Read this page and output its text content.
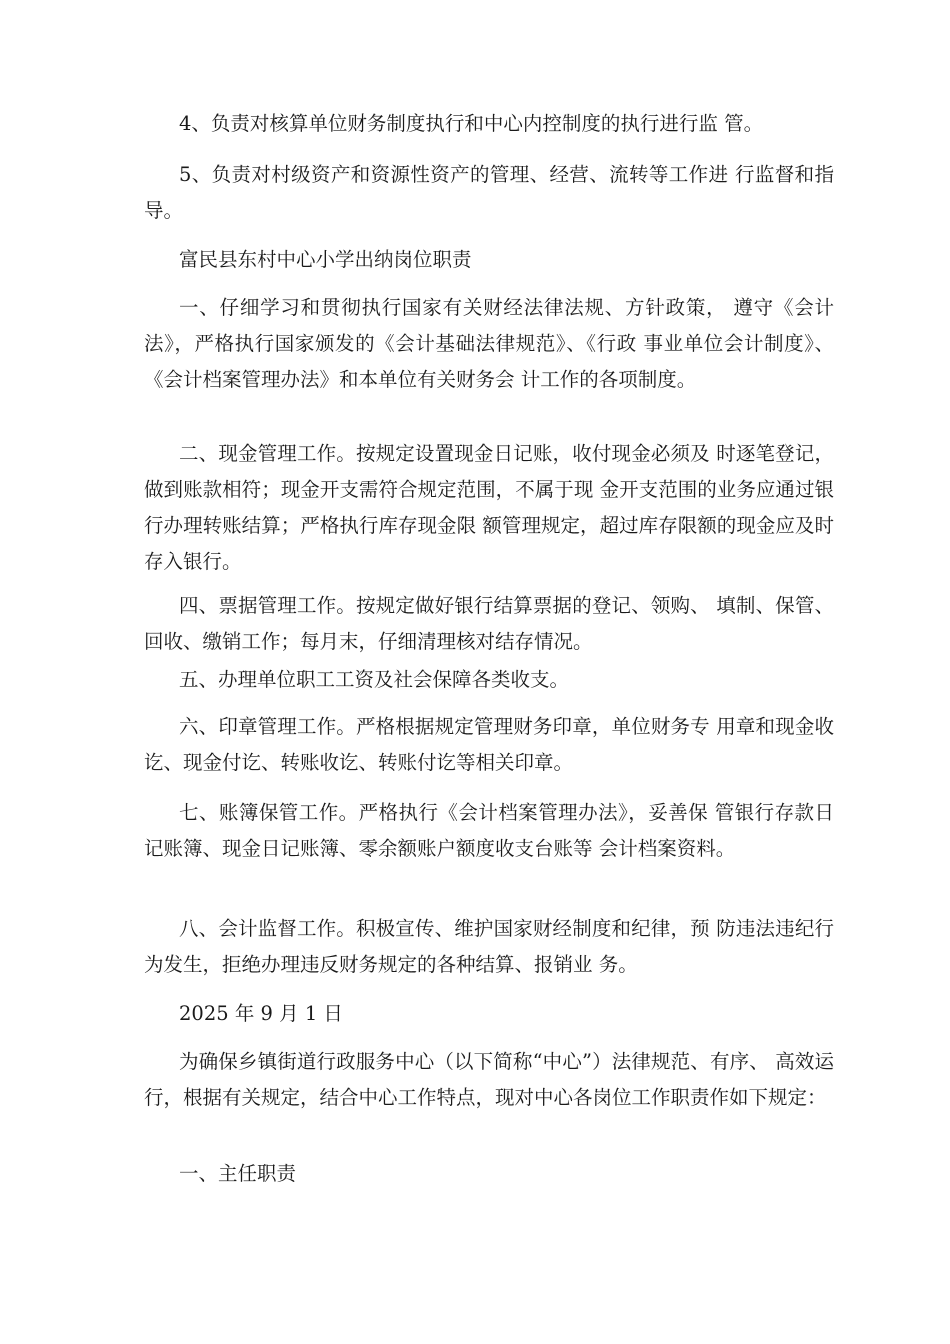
4、负责对核算单位财务制度执行和中心内控制度的执行进行监 管。

5、负责对村级资产和资源性资产的管理、经营、流转等工作进 行监督和指导。

富民县东村中心小学出纳岗位职责

一、仔细学习和贯彻执行国家有关财经法律法规、方针政策， 遵守《会计法》，严格执行国家颁发的《会计基础法律规范》、《行政 事业单位会计制度》、《会计档案管理办法》和本单位有关财务会 计工作的各项制度。

二、现金管理工作。按规定设置现金日记账，收付现金必须及 时逐笔登记，做到账款相符；现金开支需符合规定范围，不属于现 金开支范围的业务应通过银行办理转账结算；严格执行库存现金限 额管理规定，超过库存限额的现金应及时存入银行。

四、票据管理工作。按规定做好银行结算票据的登记、领购、 填制、保管、回收、缴销工作；每月末，仔细清理核对结存情况。

五、办理单位职工工资及社会保障各类收支。

六、印章管理工作。严格根据规定管理财务印章，单位财务专 用章和现金收讫、现金付讫、转账收讫、转账付讫等相关印章。

七、账簿保管工作。严格执行《会计档案管理办法》，妥善保 管银行存款日记账簿、现金日记账簿、零余额账户额度收支台账等 会计档案资料。

八、会计监督工作。积极宣传、维护国家财经制度和纪律，预 防违法违纪行为发生，拒绝办理违反财务规定的各种结算、报销业 务。

2025 年 9 月 1 日

为确保乡镇街道行政服务中心（以下简称“中心”）法律规范、有序、 高效运行，根据有关规定，结合中心工作特点，现对中心各岗位工作职责作如下规定：

一、主任职责
